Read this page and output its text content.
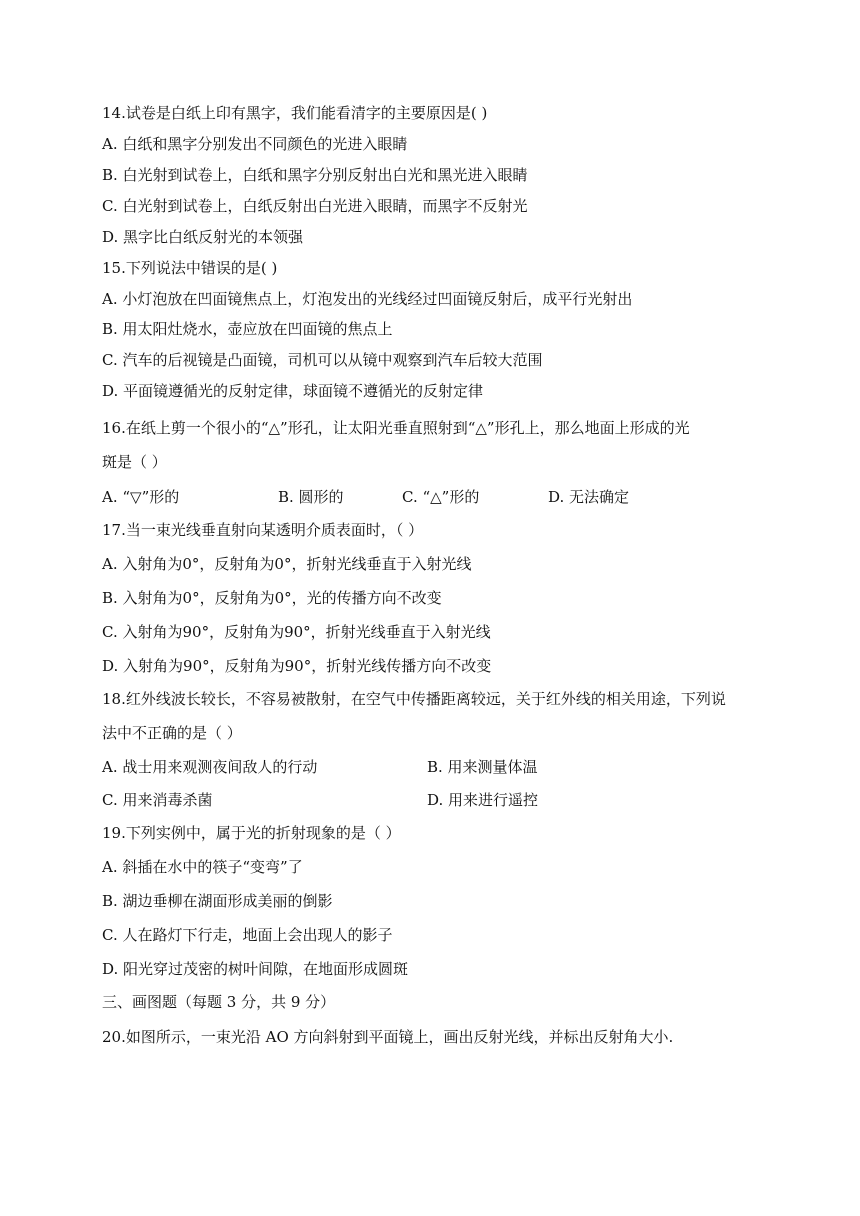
14.试卷是白纸上印有黑字，我们能看清字的主要原因是( )
A. 白纸和黑字分别发出不同颜色的光进入眼睛
B. 白光射到试卷上，白纸和黑字分别反射出白光和黑光进入眼睛
C. 白光射到试卷上，白纸反射出白光进入眼睛，而黑字不反射光
D. 黑字比白纸反射光的本领强
15.下列说法中错误的是( )
A. 小灯泡放在凹面镜焦点上，灯泡发出的光线经过凹面镜反射后，成平行光射出
B. 用太阳灶烧水，壶应放在凹面镜的焦点上
C. 汽车的后视镜是凸面镜，司机可以从镜中观察到汽车后较大范围
D. 平面镜遵循光的反射定律，球面镜不遵循光的反射定律
16.在纸上剪一个很小的“△”形孔，让太阳光垂直照射到“△”形孔上，那么地面上形成的光
斑是（ ）
A. “▽”形的	B. 圆形的	C. “△”形的	D. 无法确定
17.当一束光线垂直射向某透明介质表面时，（ ）
A. 入射角为0°，反射角为0°，折射光线垂直于入射光线
B. 入射角为0°，反射角为0°，光的传播方向不改变
C. 入射角为90°，反射角为90°，折射光线垂直于入射光线
D. 入射角为90°，反射角为90°，折射光线传播方向不改变
18.红外线波长较长，不容易被散射，在空气中传播距离较远，关于红外线的相关用途，下列说
法中不正确的是（ ）
A. 战士用来观测夜间敌人的行动	B. 用来测量体温
C. 用来消毒杀菌	D. 用来进行遥控
19.下列实例中，属于光的折射现象的是（ ）
A. 斜插在水中的筷子“变弯”了
B. 湖边垂柳在湖面形成美丽的倒影
C. 人在路灯下行走，地面上会出现人的影子
D. 阳光穿过茂密的树叶间隙，在地面形成圆斑
三、画图题（每题 3 分，共 9 分）
20.如图所示，一束光沿 AO 方向斜射到平面镜上，画出反射光线，并标出反射角大小.
